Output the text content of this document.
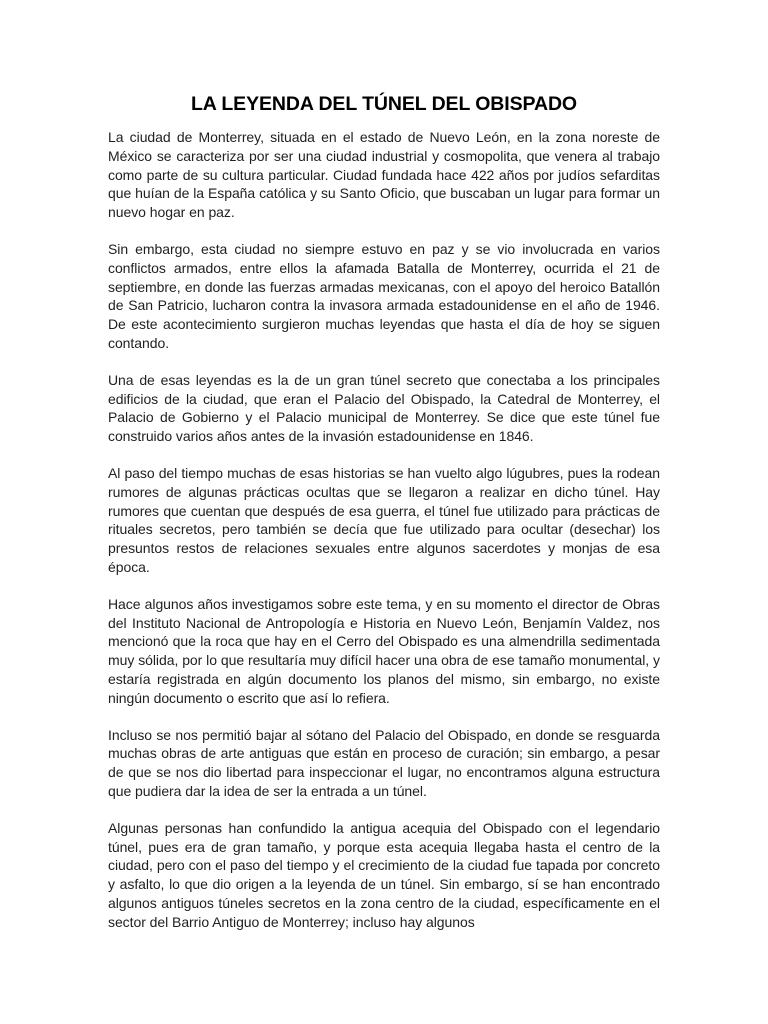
LA LEYENDA DEL TÚNEL DEL OBISPADO

La ciudad de Monterrey, situada en el estado de Nuevo León, en la zona noreste de México se caracteriza por ser una ciudad industrial y cosmopolita, que venera al trabajo como parte de su cultura particular. Ciudad fundada hace 422 años por judíos sefarditas que huían de la España católica y su Santo Oficio, que buscaban un lugar para formar un nuevo hogar en paz.

Sin embargo, esta ciudad no siempre estuvo en paz y se vio involucrada en varios conflictos armados, entre ellos la afamada Batalla de Monterrey, ocurrida el 21 de septiembre, en donde las fuerzas armadas mexicanas, con el apoyo del heroico Batallón de San Patricio, lucharon contra la invasora armada estadounidense en el año de 1946. De este acontecimiento surgieron muchas leyendas que hasta el día de hoy se siguen contando.

Una de esas leyendas es la de un gran túnel secreto que conectaba a los principales edificios de la ciudad, que eran el Palacio del Obispado, la Catedral de Monterrey, el Palacio de Gobierno y el Palacio municipal de Monterrey. Se dice que este túnel fue construido varios años antes de la invasión estadounidense en 1846.

Al paso del tiempo muchas de esas historias se han vuelto algo lúgubres, pues la rodean rumores de algunas prácticas ocultas que se llegaron a realizar en dicho túnel. Hay rumores que cuentan que después de esa guerra, el túnel fue utilizado para prácticas de rituales secretos, pero también se decía que fue utilizado para ocultar (desechar) los presuntos restos de relaciones sexuales entre algunos sacerdotes y monjas de esa época.

Hace algunos años investigamos sobre este tema, y en su momento el director de Obras del Instituto Nacional de Antropología e Historia en Nuevo León, Benjamín Valdez, nos mencionó que la roca que hay en el Cerro del Obispado es una almendrilla sedimentada muy sólida, por lo que resultaría muy difícil hacer una obra de ese tamaño monumental, y estaría registrada en algún documento los planos del mismo, sin embargo, no existe ningún documento o escrito que así lo refiera.

Incluso se nos permitió bajar al sótano del Palacio del Obispado, en donde se resguarda muchas obras de arte antiguas que están en proceso de curación; sin embargo, a pesar de que se nos dio libertad para inspeccionar el lugar, no encontramos alguna estructura que pudiera dar la idea de ser la entrada a un túnel.

Algunas personas han confundido la antigua acequia del Obispado con el legendario túnel, pues era de gran tamaño, y porque esta acequia llegaba hasta el centro de la ciudad, pero con el paso del tiempo y el crecimiento de la ciudad fue tapada por concreto y asfalto, lo que dio origen a la leyenda de un túnel. Sin embargo, sí se han encontrado algunos antiguos túneles secretos en la zona centro de la ciudad, específicamente en el sector del Barrio Antiguo de Monterrey; incluso hay algunos
